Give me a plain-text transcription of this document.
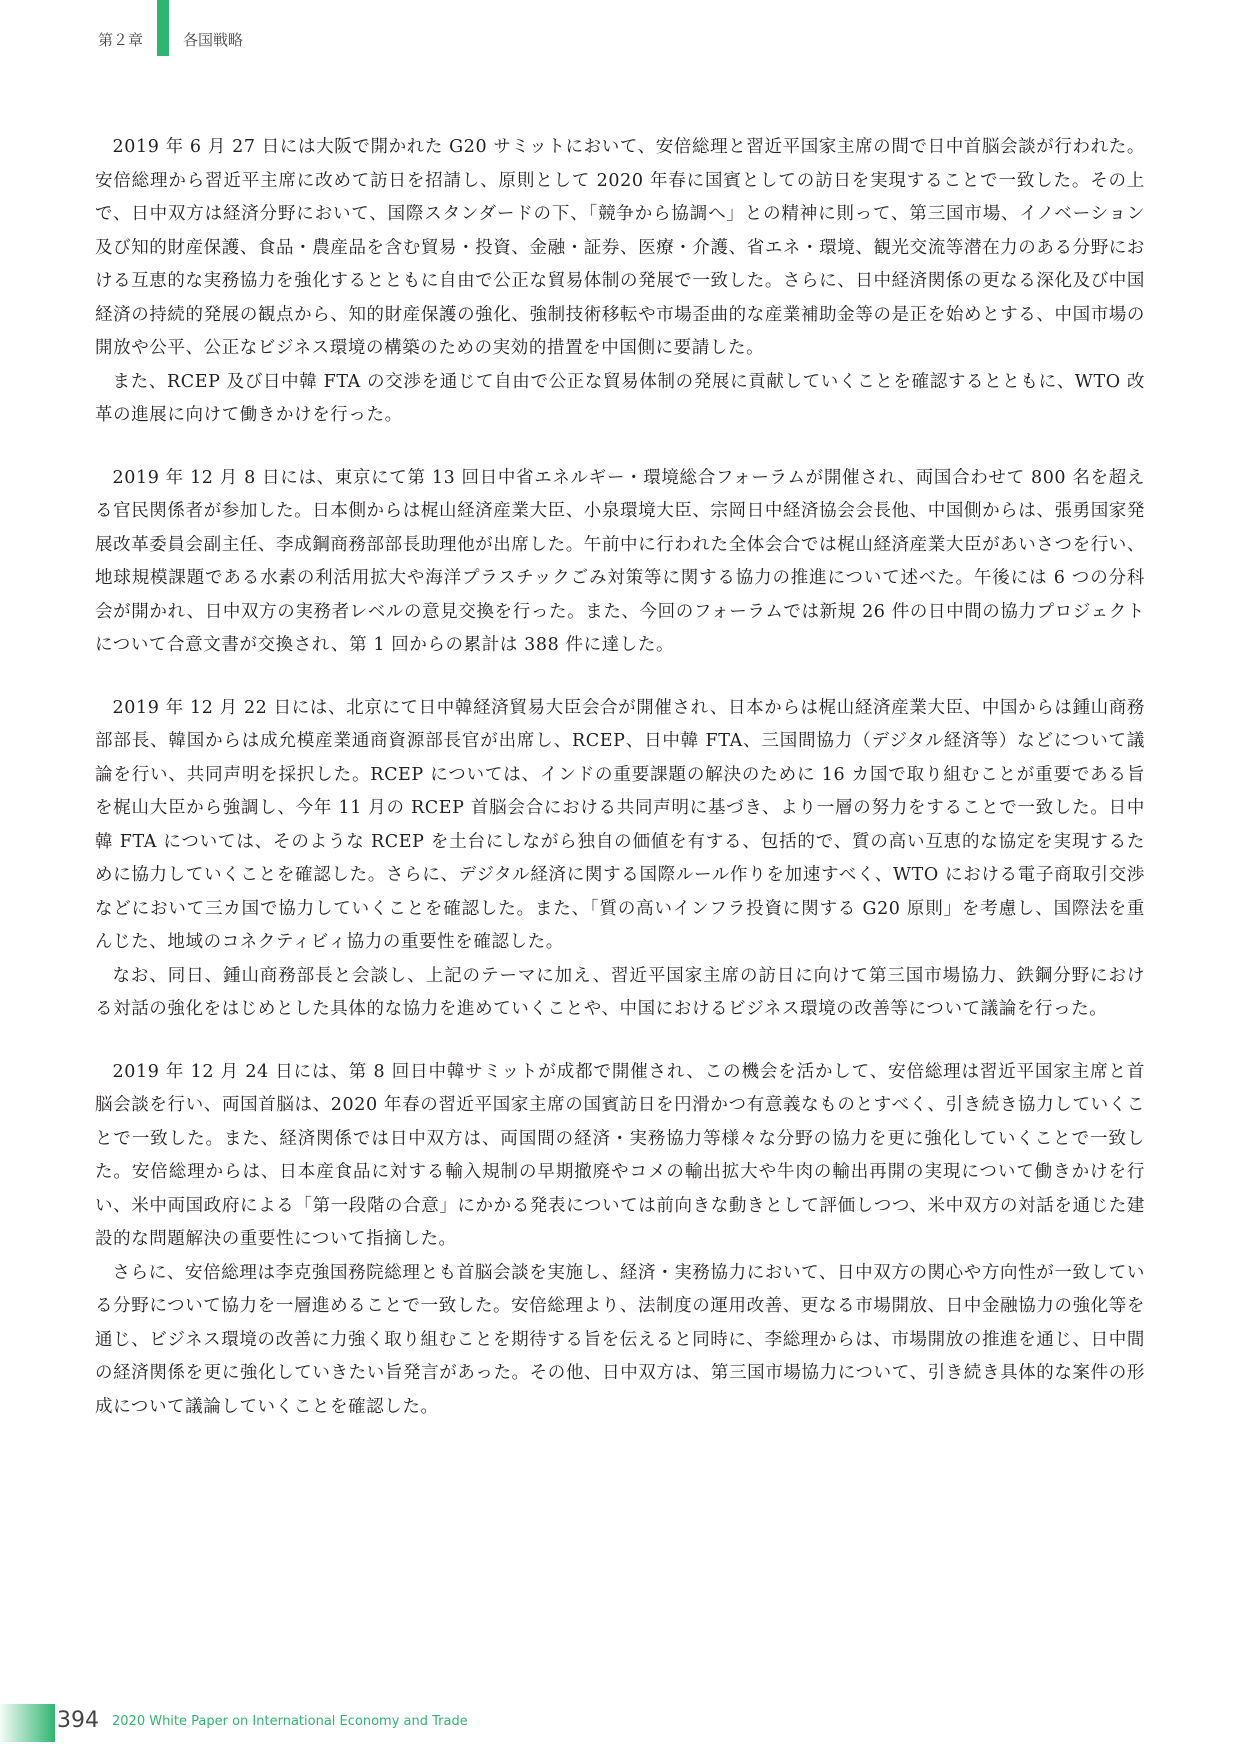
第２章	各国戦略

2019 年 6 月 27 日には大阪で開かれた G20 サミットにおいて、安倍総理と習近平国家主席の間で日中首脳会談が行われた。安倍総理から習近平主席に改めて訪日を招請し、原則として 2020 年春に国賓としての訪日を実現することで一致した。その上で、日中双方は経済分野において、国際スタンダードの下、「競争から協調へ」との精神に則って、第三国市場、イノベーション及び知的財産保護、食品・農産品を含む貿易・投資、金融・証券、医療・介護、省エネ・環境、観光交流等潜在力のある分野における互恵的な実務協力を強化するとともに自由で公正な貿易体制の発展で一致した。さらに、日中経済関係の更なる深化及び中国経済の持続的発展の観点から、知的財産保護の強化、強制技術移転や市場歪曲的な産業補助金等の是正を始めとする、中国市場の開放や公平、公正なビジネス環境の構築のための実効的措置を中国側に要請した。

また、RCEP 及び日中韓 FTA の交渉を通じて自由で公正な貿易体制の発展に貢献していくことを確認するとともに、WTO 改革の進展に向けて働きかけを行った。

2019 年 12 月 8 日には、東京にて第 13 回日中省エネルギー・環境総合フォーラムが開催され、両国合わせて 800 名を超える官民関係者が参加した。日本側からは梶山経済産業大臣、小泉環境大臣、宗岡日中経済協会会長他、中国側からは、張勇国家発展改革委員会副主任、李成鋼商務部部長助理他が出席した。午前中に行われた全体会合では梶山経済産業大臣があいさつを行い、地球規模課題である水素の利活用拡大や海洋プラスチックごみ対策等に関する協力の推進について述べた。午後には 6 つの分科会が開かれ、日中双方の実務者レベルの意見交換を行った。また、今回のフォーラムでは新規 26 件の日中間の協力プロジェクトについて合意文書が交換され、第 1 回からの累計は 388 件に達した。

2019 年 12 月 22 日には、北京にて日中韓経済貿易大臣会合が開催され、日本からは梶山経済産業大臣、中国からは鍾山商務部部長、韓国からは成允模産業通商資源部長官が出席し、RCEP、日中韓 FTA、三国間協力（デジタル経済等）などについて議論を行い、共同声明を採択した。RCEP については、インドの重要課題の解決のために 16 カ国で取り組むことが重要である旨を梶山大臣から強調し、今年 11 月の RCEP 首脳会合における共同声明に基づき、より一層の努力をすることで一致した。日中韓 FTA については、そのような RCEP を土台にしながら独自の価値を有する、包括的で、質の高い互恵的な協定を実現するために協力していくことを確認した。さらに、デジタル経済に関する国際ルール作りを加速すべく、WTO における電子商取引交渉などにおいて三カ国で協力していくことを確認した。また、「質の高いインフラ投資に関する G20 原則」を考慮し、国際法を重んじた、地域のコネクティビィ協力の重要性を確認した。

なお、同日、鍾山商務部長と会談し、上記のテーマに加え、習近平国家主席の訪日に向けて第三国市場協力、鉄鋼分野における対話の強化をはじめとした具体的な協力を進めていくことや、中国におけるビジネス環境の改善等について議論を行った。

2019 年 12 月 24 日には、第 8 回日中韓サミットが成都で開催され、この機会を活かして、安倍総理は習近平国家主席と首脳会談を行い、両国首脳は、2020 年春の習近平国家主席の国賓訪日を円滑かつ有意義なものとすべく、引き続き協力していくことで一致した。また、経済関係では日中双方は、両国間の経済・実務協力等様々な分野の協力を更に強化していくことで一致した。安倍総理からは、日本産食品に対する輸入規制の早期撤廃やコメの輸出拡大や牛肉の輸出再開の実現について働きかけを行い、米中両国政府による「第一段階の合意」にかかる発表については前向きな動きとして評価しつつ、米中双方の対話を通じた建設的な問題解決の重要性について指摘した。

さらに、安倍総理は李克強国務院総理とも首脳会談を実施し、経済・実務協力において、日中双方の関心や方向性が一致している分野について協力を一層進めることで一致した。安倍総理より、法制度の運用改善、更なる市場開放、日中金融協力の強化等を通じ、ビジネス環境の改善に力強く取り組むことを期待する旨を伝えると同時に、李総理からは、市場開放の推進を通じ、日中間の経済関係を更に強化していきたい旨発言があった。その他、日中双方は、第三国市場協力について、引き続き具体的な案件の形成について議論していくことを確認した。

394 2020 White Paper on International Economy and Trade
